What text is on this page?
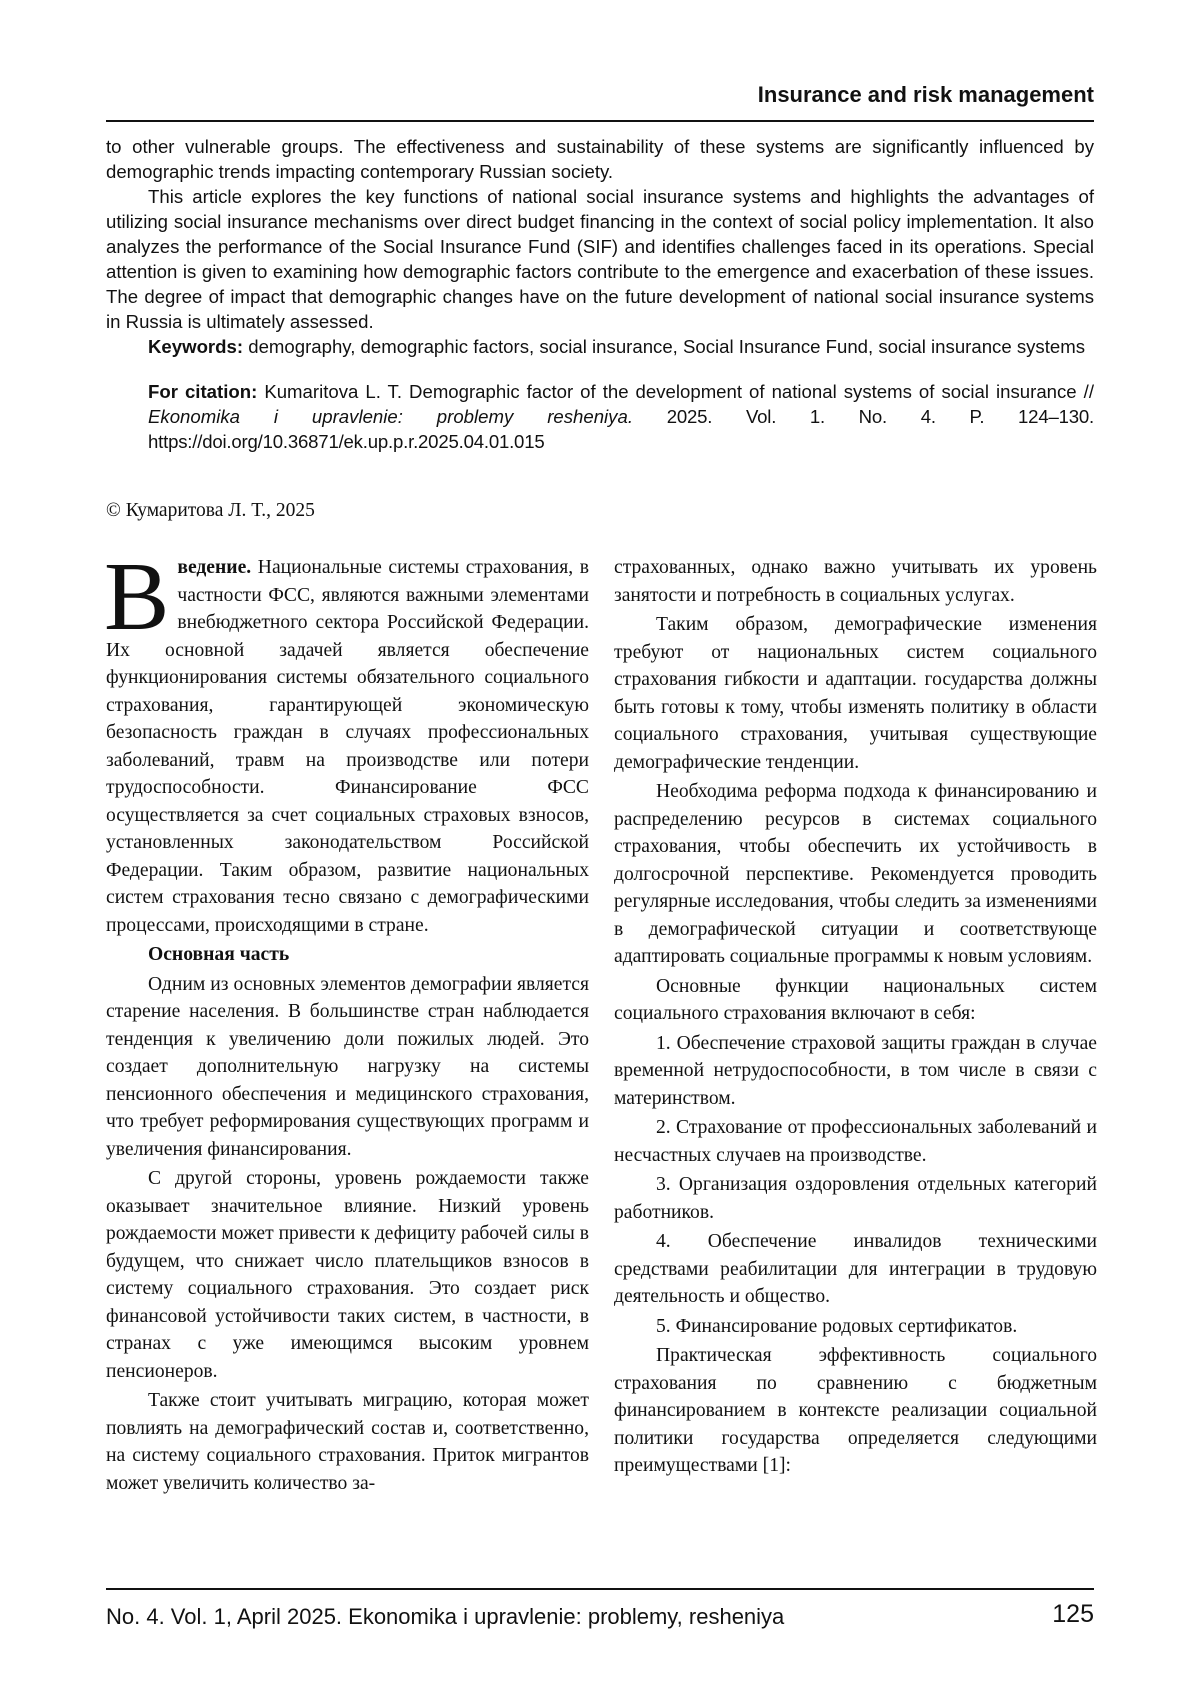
Insurance and risk management

to other vulnerable groups. The effectiveness and sustainability of these systems are significantly influenced by demographic trends impacting contemporary Russian society.

This article explores the key functions of national social insurance systems and highlights the advantages of utilizing social insurance mechanisms over direct budget financing in the context of social policy implementation. It also analyzes the performance of the Social Insurance Fund (SIF) and identifies challenges faced in its operations. Special attention is given to examining how demographic factors contribute to the emergence and exacerbation of these issues. The degree of impact that demographic changes have on the future development of national social insurance systems in Russia is ultimately assessed.

Keywords: demography, demographic factors, social insurance, Social Insurance Fund, social insurance systems

For citation: Kumaritova L. T. Demographic factor of the development of national systems of social insurance // Ekonomika i upravlenie: problemy resheniya. 2025. Vol. 1. No. 4. P. 124–130. https://doi.org/10.36871/ek.up.p.r.2025.04.01.015

© Кумаритова Л. Т., 2025

В ведение. Национальные системы страхования, в частности ФСС, являются важными элементами внебюджетного сектора Российской Федерации. Их основной задачей является обеспечение функционирования системы обязательного социального страхования, гарантирующей экономическую безопасность граждан в случаях профессиональных заболеваний, травм на производстве или потери трудоспособности. Финансирование ФСС осуществляется за счет социальных страховых взносов, установленных законодательством Российской Федерации. Таким образом, развитие национальных систем страхования тесно связано с демографическими процессами, происходящими в стране.

Основная часть

Одним из основных элементов демографии является старение населения. В большинстве стран наблюдается тенденция к увеличению доли пожилых людей. Это создает дополнительную нагрузку на системы пенсионного обеспечения и медицинского страхования, что требует реформирования существующих программ и увеличения финансирования.

С другой стороны, уровень рождаемости также оказывает значительное влияние. Низкий уровень рождаемости может привести к дефициту рабочей силы в будущем, что снижает число плательщиков взносов в систему социального страхования. Это создает риск финансовой устойчивости таких систем, в частности, в странах с уже имеющимся высоким уровнем пенсионеров.

Также стоит учитывать миграцию, которая может повлиять на демографический состав и, соответственно, на систему социального страхования. Приток мигрантов может увеличить количество за-

страхованных, однако важно учитывать их уровень занятости и потребность в социальных услугах.

Таким образом, демографические изменения требуют от национальных систем социального страхования гибкости и адаптации. государства должны быть готовы к тому, чтобы изменять политику в области социального страхования, учитывая существующие демографические тенденции.

Необходима реформа подхода к финансированию и распределению ресурсов в системах социального страхования, чтобы обеспечить их устойчивость в долгосрочной перспективе. Рекомендуется проводить регулярные исследования, чтобы следить за изменениями в демографической ситуации и соответствующе адаптировать социальные программы к новым условиям.

Основные функции национальных систем социального страхования включают в себя:

1. Обеспечение страховой защиты граждан в случае временной нетрудоспособности, в том числе в связи с материнством.

2. Страхование от профессиональных заболеваний и несчастных случаев на производстве.

3. Организация оздоровления отдельных категорий работников.

4. Обеспечение инвалидов техническими средствами реабилитации для интеграции в трудовую деятельность и общество.

5. Финансирование родовых сертификатов.

Практическая эффективность социального страхования по сравнению с бюджетным финансированием в контексте реализации социальной политики государства определяется следующими преимуществами [1]:

No. 4. Vol. 1, April 2025. Ekonomika i upravlenie: problemy, resheniya	125
